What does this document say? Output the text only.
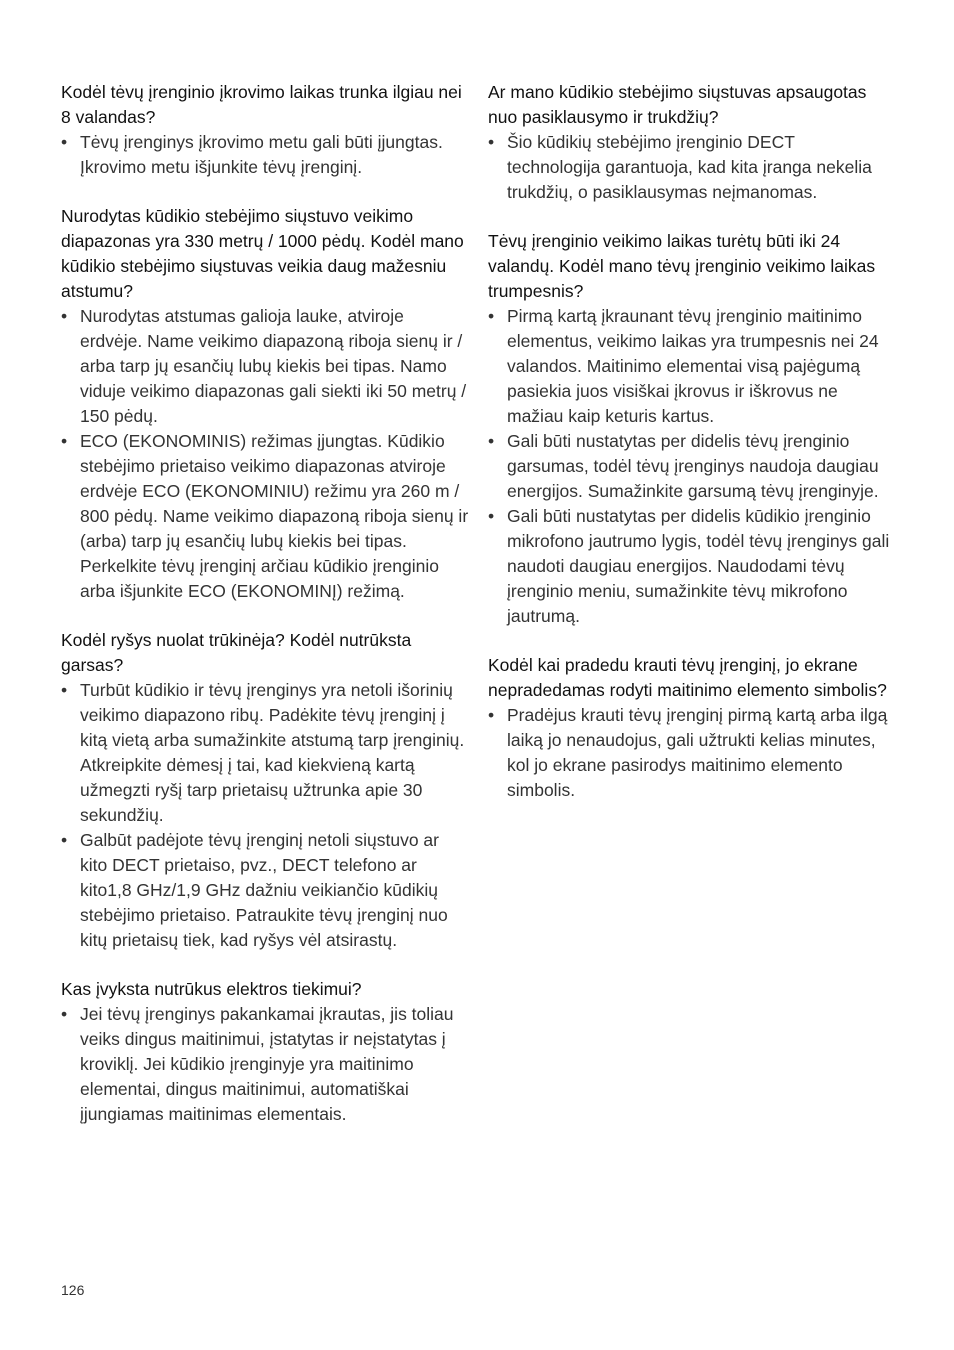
Kodėl tėvų įrenginio įkrovimo laikas trunka ilgiau nei 8 valandas?

• Tėvų įrenginys įkrovimo metu gali būti įjungtas. Įkrovimo metu išjunkite tėvų įrenginį.

Nurodytas kūdikio stebėjimo siųstuvo veikimo diapazonas yra 330 metrų / 1000 pėdų. Kodėl mano kūdikio stebėjimo siųstuvas veikia daug mažesniu atstumu?

• Nurodytas atstumas galioja lauke, atviroje erdvėje. Name veikimo diapazoną riboja sienų ir / arba tarp jų esančių lubų kiekis bei tipas. Namo viduje veikimo diapazonas gali siekti iki 50 metrų / 150 pėdų.
• ECO (EKONOMINIS) režimas įjungtas. Kūdikio stebėjimo prietaiso veikimo diapazonas atviroje erdvėje ECO (EKONOMINIU) režimu yra 260 m / 800 pėdų. Name veikimo diapazoną riboja sienų ir (arba) tarp jų esančių lubų kiekis bei tipas. Perkelkite tėvų įrenginį arčiau kūdikio įrenginio arba išjunkite ECO (EKONOMINĮ) režimą.

Kodėl ryšys nuolat trūkinėja? Kodėl nutrūksta garsas?

• Turbūt kūdikio ir tėvų įrenginys yra netoli išorinių veikimo diapazono ribų. Padėkite tėvų įrenginį į kitą vietą arba sumažinkite atstumą tarp įrenginių. Atkreipkite dėmesį į tai, kad kiekvieną kartą užmegzti ryšį tarp prietaisų užtrunka apie 30 sekundžių.
• Galbūt padėjote tėvų įrenginį netoli siųstuvo ar kito DECT prietaiso, pvz., DECT telefono ar kito1,8 GHz/1,9 GHz dažniu veikiančio kūdikių stebėjimo prietaiso. Patraukite tėvų įrenginį nuo kitų prietaisų tiek, kad ryšys vėl atsirastų.

Kas įvyksta nutrūkus elektros tiekimui?

• Jei tėvų įrenginys pakankamai įkrautas, jis toliau veiks dingus maitinimui, įstatytas ir neįstatytas į kroviklį. Jei kūdikio įrenginyje yra maitinimo elementai, dingus maitinimui, automatiškai įjungiamas maitinimas elementais.

Ar mano kūdikio stebėjimo siųstuvas apsaugotas nuo pasiklausymo ir trukdžių?

• Šio kūdikių stebėjimo įrenginio DECT technologija garantuoja, kad kita įranga nekelia trukdžių, o pasiklausymas neįmanomas.

Tėvų įrenginio veikimo laikas turėtų būti iki 24 valandų. Kodėl mano tėvų įrenginio veikimo laikas trumpesnis?

• Pirmą kartą įkraunant tėvų įrenginio maitinimo elementus, veikimo laikas yra trumpesnis nei 24 valandos. Maitinimo elementai visą pajėgumą pasiekia juos visiškai įkrovus ir iškrovus ne mažiau kaip keturis kartus.
• Gali būti nustatytas per didelis tėvų įrenginio garsumas, todėl tėvų įrenginys naudoja daugiau energijos. Sumažinkite garsumą tėvų įrenginyje.
• Gali būti nustatytas per didelis kūdikio įrenginio mikrofono jautrumo lygis, todėl tėvų įrenginys gali naudoti daugiau energijos. Naudodami tėvų įrenginio meniu, sumažinkite tėvų mikrofono jautrumą.

Kodėl kai pradedu krauti tėvų įrenginį, jo ekrane nepradedamas rodyti maitinimo elemento simbolis?

• Pradėjus krauti tėvų įrenginį pirmą kartą arba ilgą laiką jo nenaudojus, gali užtrukti kelias minutes, kol jo ekrane pasirodys maitinimo elemento simbolis.
126
